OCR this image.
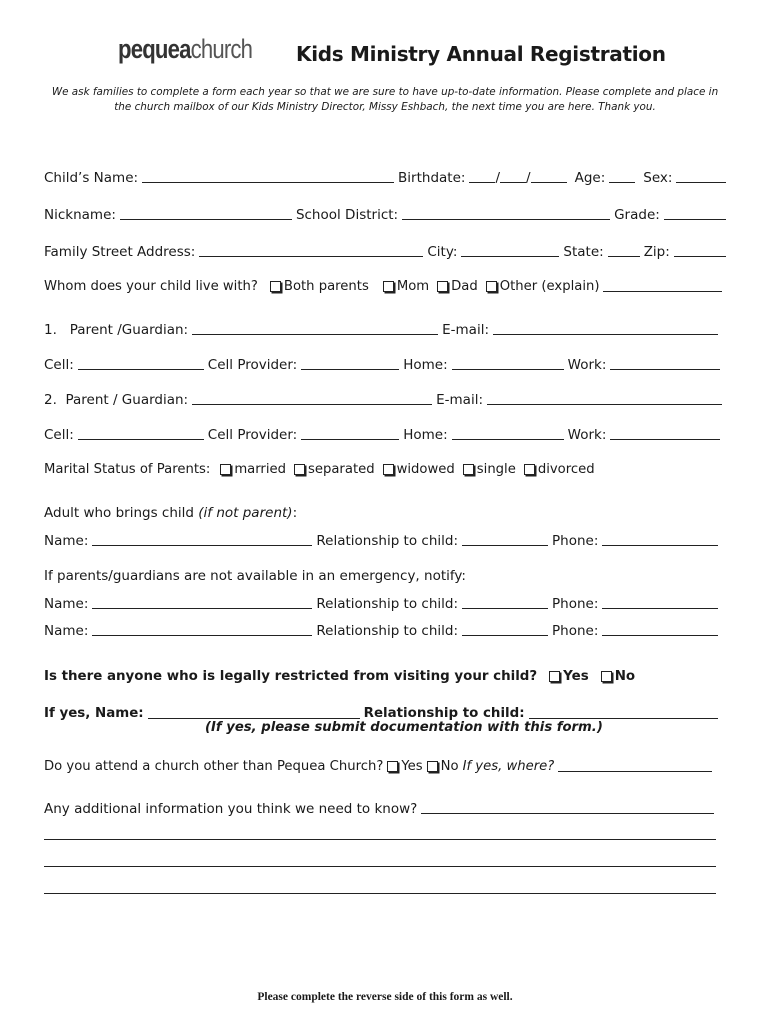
pequeachurch Kids Ministry Annual Registration
We ask families to complete a form each year so that we are sure to have up-to-date information. Please complete and place in
the church mailbox of our Kids Ministry Director, Missy Eshbach, the next time you are here. Thank you.
Child’s Name:	Birthdate: / /	Age:	Sex:
Nickname:	School District:	Grade:
Family Street Address:	City:	State:	Zip:
Whom does your child live with? Both parents Mom Dad Other (explain)
1.   Parent /Guardian:	E-mail:
Cell:	Cell Provider:	Home:	Work:
2.  Parent / Guardian:	E-mail:
Cell:	Cell Provider:	Home:	Work:
Marital Status of Parents: married separated widowed single divorced
Adult who brings child (if not parent) :
Name:	Relationship to child:	Phone:
If parents/guardians are not available in an emergency, notify:
Name:	Relationship to child:	Phone:
Name:	Relationship to child:	Phone:
Is there anyone who is legally restricted from visiting your child? Yes No
If yes, Name:	Relationship to child:
(If yes, please submit documentation with this form.)
Do you attend a church other than Pequea Church? Yes No If yes, where?
Any additional information you think we need to know?
Please complete the reverse side of this form as well.
